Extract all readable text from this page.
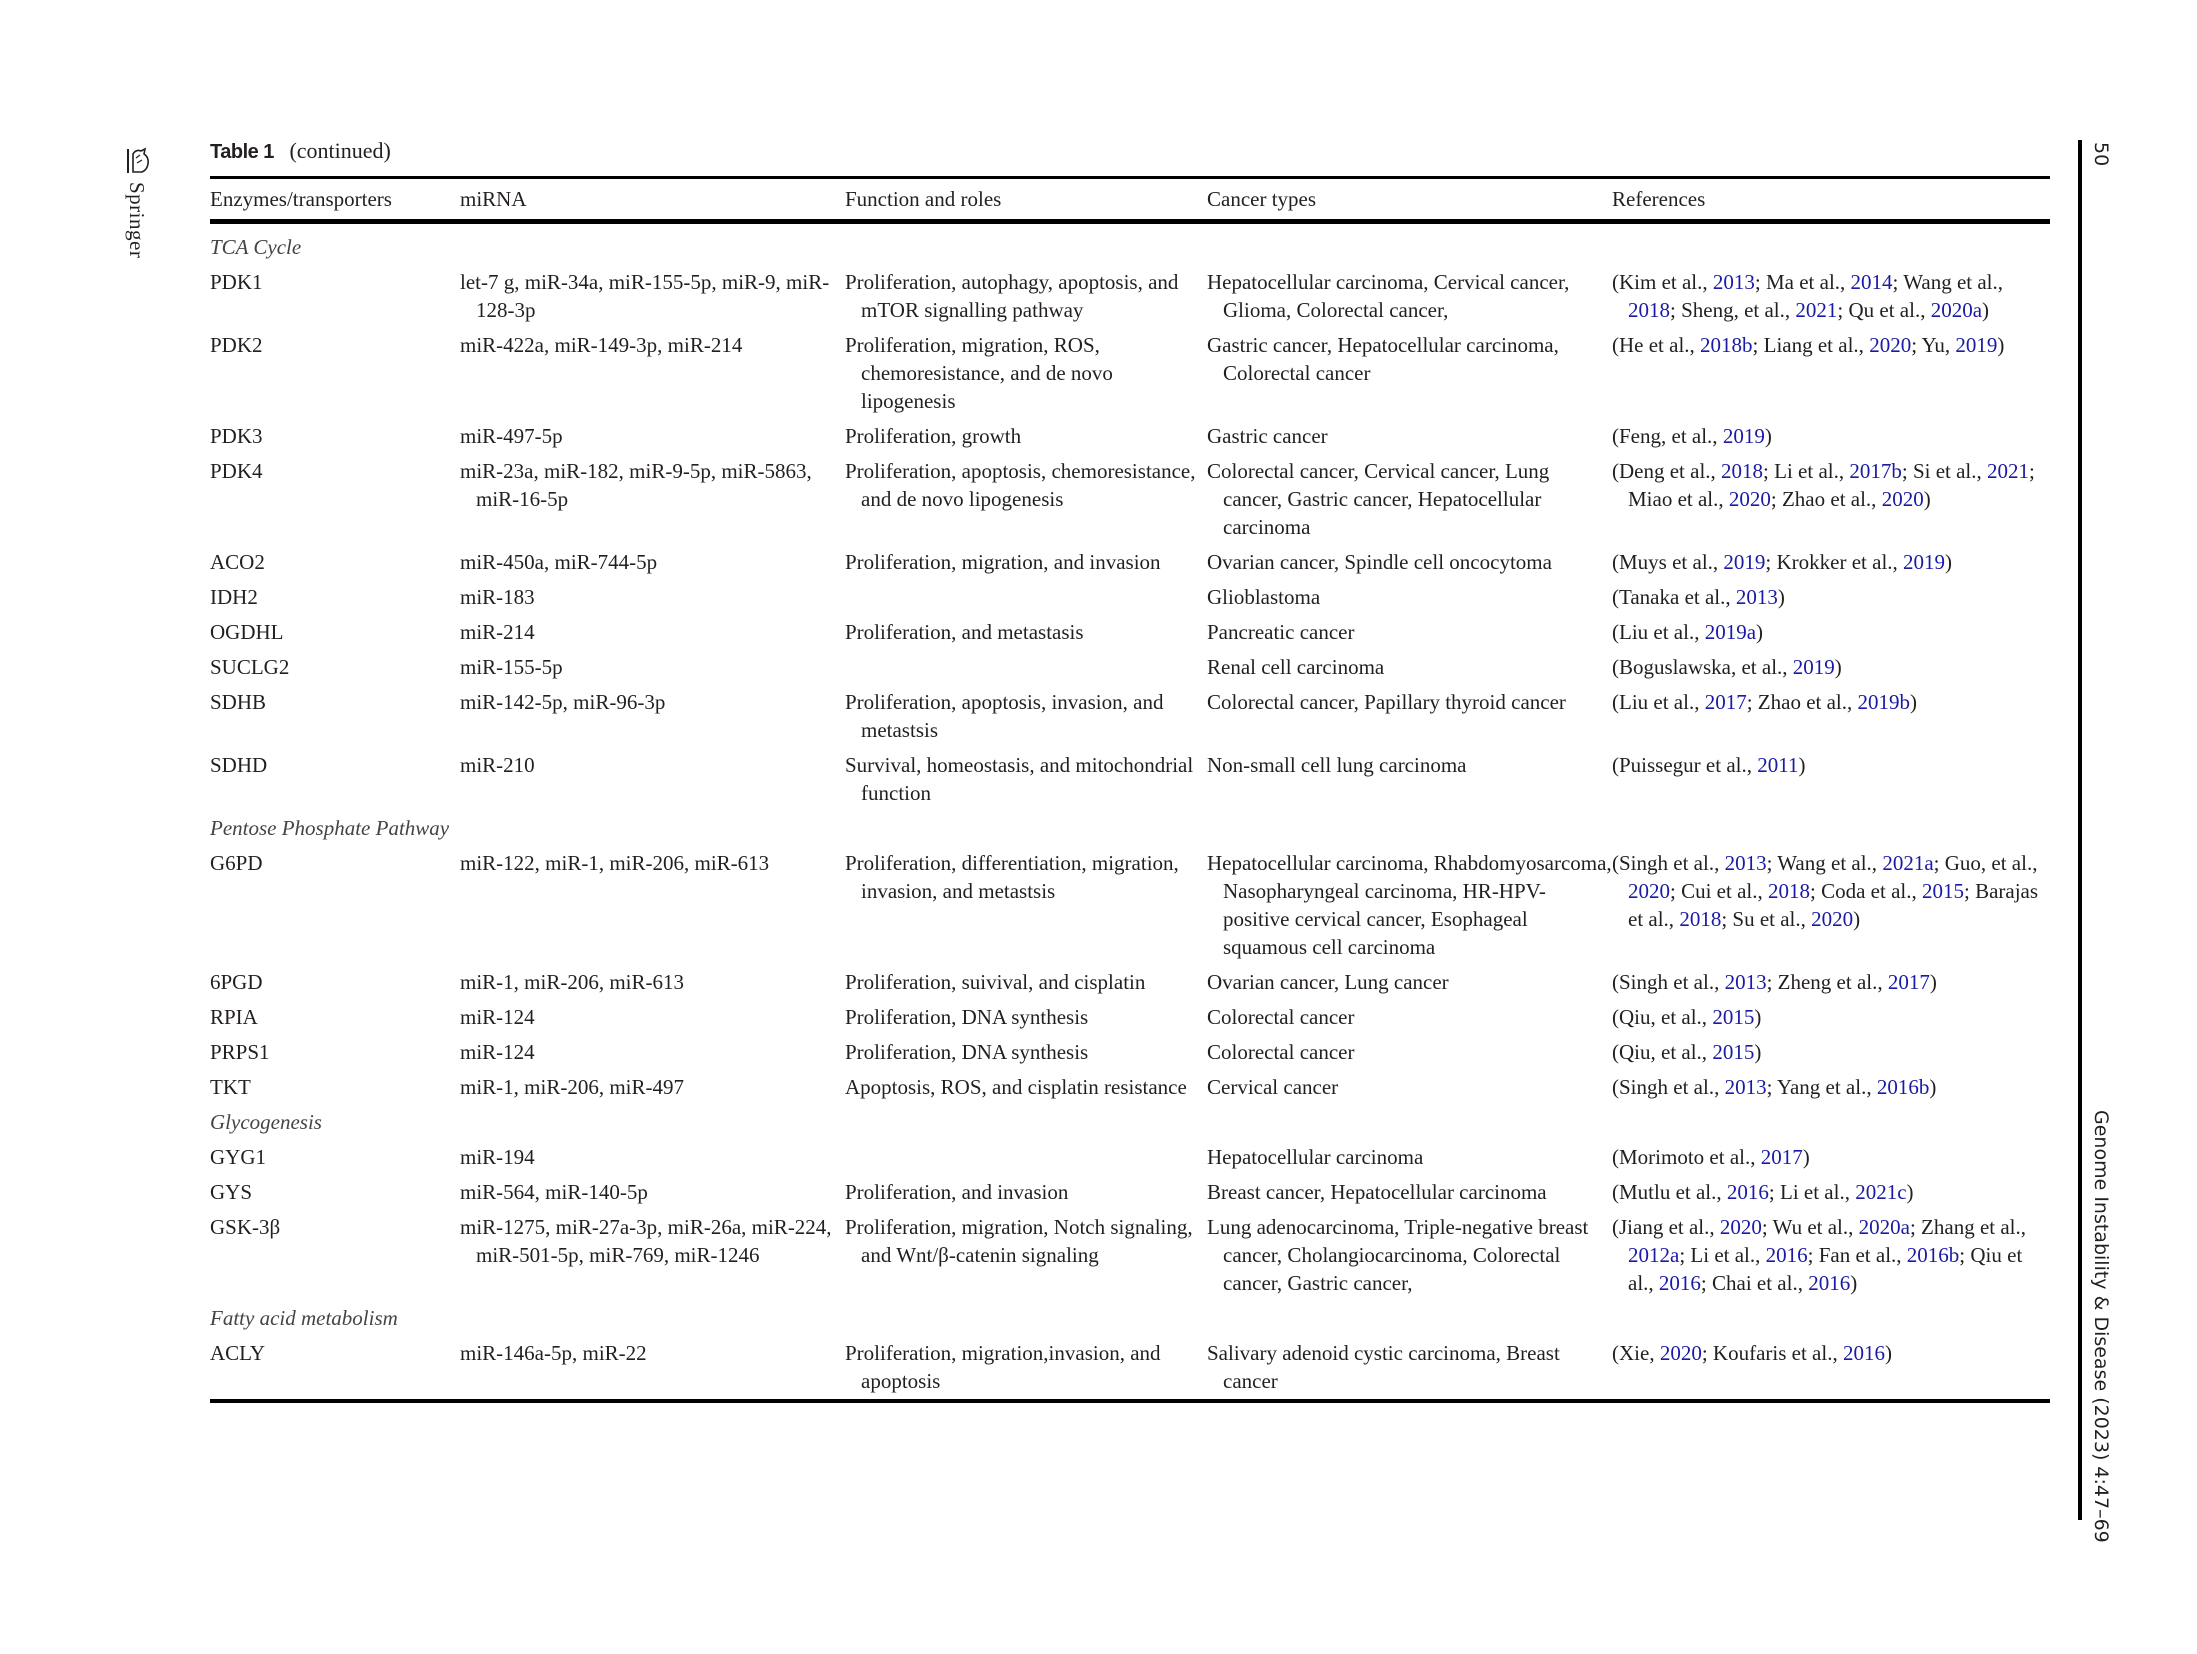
Springer
50
Genome Instability & Disease (2023) 4:47–69
Table 1 (continued)
Enzymes/transporters	miRNA	Function and roles	Cancer types	References
TCA Cycle				
PDK1	let-7 g, miR-34a, miR-155-5p, miR-9, miR-128-3p	Proliferation, autophagy, apoptosis, and mTOR signalling pathway	Hepatocellular carcinoma, Cervical cancer, Glioma, Colorectal cancer,	(Kim et al., 2013; Ma et al., 2014; Wang et al., 2018; Sheng, et al., 2021; Qu et al., 2020a)
PDK2	miR-422a, miR-149-3p, miR-214	Proliferation, migration, ROS, chemoresistance, and de novo lipogenesis	Gastric cancer, Hepatocellular carcinoma, Colorectal cancer	(He et al., 2018b; Liang et al., 2020; Yu, 2019)
PDK3	miR-497-5p	Proliferation, growth	Gastric cancer	(Feng, et al., 2019)
PDK4	miR-23a, miR-182, miR-9-5p, miR-5863, miR-16-5p	Proliferation, apoptosis, chemoresistance, and de novo lipogenesis	Colorectal cancer, Cervical cancer, Lung cancer, Gastric cancer, Hepatocellular carcinoma	(Deng et al., 2018; Li et al., 2017b; Si et al., 2021; Miao et al., 2020; Zhao et al., 2020)
ACO2	miR-450a, miR-744-5p	Proliferation, migration, and invasion	Ovarian cancer, Spindle cell oncocytoma	(Muys et al., 2019; Krokker et al., 2019)
IDH2	miR-183		Glioblastoma	(Tanaka et al., 2013)
OGDHL	miR-214	Proliferation, and metastasis	Pancreatic cancer	(Liu et al., 2019a)
SUCLG2	miR-155-5p		Renal cell carcinoma	(Boguslawska, et al., 2019)
SDHB	miR-142-5p, miR-96-3p	Proliferation, apoptosis, invasion, and metastsis	Colorectal cancer, Papillary thyroid cancer	(Liu et al., 2017; Zhao et al., 2019b)
SDHD	miR-210	Survival, homeostasis, and mitochondrial function	Non-small cell lung carcinoma	(Puissegur et al., 2011)
Pentose Phosphate Pathway				
G6PD	miR-122, miR-1, miR-206, miR-613	Proliferation, differentiation, migration, invasion, and metastsis	Hepatocellular carcinoma, Rhabdomyosarcoma, Nasopharyngeal carcinoma, HR-HPV-positive cervical cancer, Esophageal squamous cell carcinoma	(Singh et al., 2013; Wang et al., 2021a; Guo, et al., 2020; Cui et al., 2018; Coda et al., 2015; Barajas et al., 2018; Su et al., 2020)
6PGD	miR-1, miR-206, miR-613	Proliferation, suivival, and cisplatin	Ovarian cancer, Lung cancer	(Singh et al., 2013; Zheng et al., 2017)
RPIA	miR-124	Proliferation, DNA synthesis	Colorectal cancer	(Qiu, et al., 2015)
PRPS1	miR-124	Proliferation, DNA synthesis	Colorectal cancer	(Qiu, et al., 2015)
TKT	miR-1, miR-206, miR-497	Apoptosis, ROS, and cisplatin resistance	Cervical cancer	(Singh et al., 2013; Yang et al., 2016b)
Glycogenesis				
GYG1	miR-194		Hepatocellular carcinoma	(Morimoto et al., 2017)
GYS	miR-564, miR-140-5p	Proliferation, and invasion	Breast cancer, Hepatocellular carcinoma	(Mutlu et al., 2016; Li et al., 2021c)
GSK-3β	miR-1275, miR-27a-3p, miR-26a, miR-224, miR-501-5p, miR-769, miR-1246	Proliferation, migration, Notch signaling, and Wnt/β-catenin signaling	Lung adenocarcinoma, Triple-negative breast cancer, Cholangiocarcinoma, Colorectal cancer, Gastric cancer,	(Jiang et al., 2020; Wu et al., 2020a; Zhang et al., 2012a; Li et al., 2016; Fan et al., 2016b; Qiu et al., 2016; Chai et al., 2016)
Fatty acid metabolism				
ACLY	miR-146a-5p, miR-22	Proliferation, migration,invasion, and apoptosis	Salivary adenoid cystic carcinoma, Breast cancer	(Xie, 2020; Koufaris et al., 2016)
